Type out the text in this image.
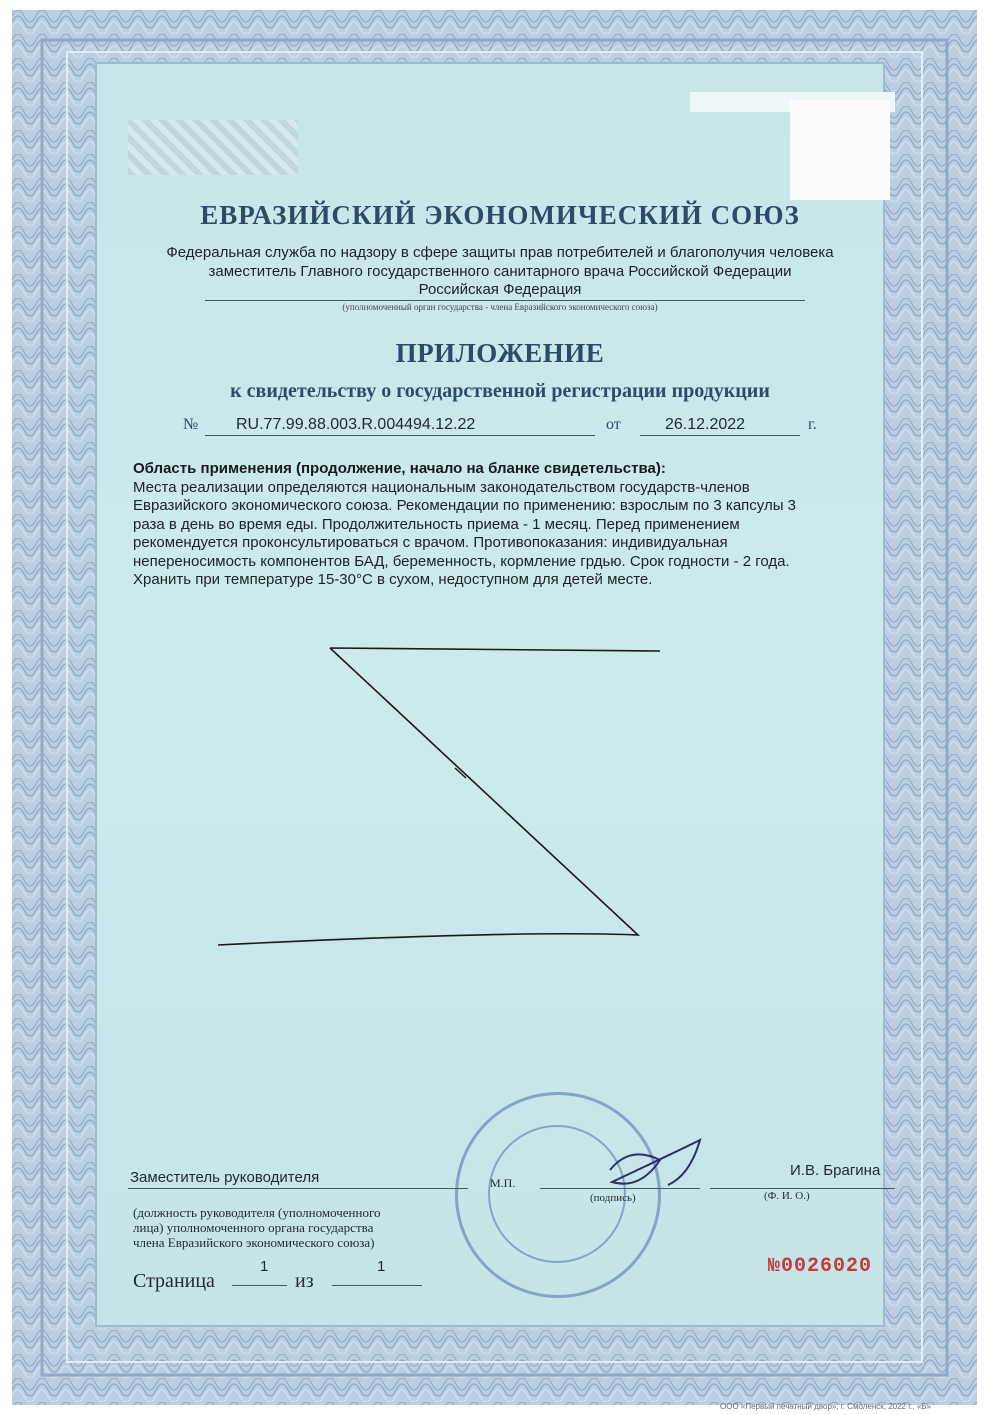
ЕВРАЗИЙСКИЙ ЭКОНОМИЧЕСКИЙ СОЮЗ
Федеральная служба по надзору в сфере защиты прав потребителей и благополучия человека
заместитель Главного государственного санитарного врача Российской Федерации
Российская Федерация
(уполномоченный орган государства - члена Евразийского экономического союза)
ПРИЛОЖЕНИЕ
к свидетельству о государственной регистрации продукции
№ RU.77.99.88.003.R.004494.12.22	от	26.12.2022	г.
Область применения (продолжение, начало на бланке свидетельства):
Места реализации определяются национальным законодательством государств-членов
Евразийского экономического союза. Рекомендации по применению: взрослым по 3 капсулы 3
раза в день во время еды. Продолжительность приема - 1 месяц. Перед применением
рекомендуется проконсультироваться с врачом. Противопоказания: индивидуальная
непереносимость компонентов БАД, беременность, кормление грдью. Срок годности - 2 года.
Хранить при температуре 15-30°С в сухом, недоступном для детей месте.
Заместитель руководителя	М.П.
(подпись)
И.В. Брагина
(Ф. И. О.)
(должность руководителя (уполномоченного
лица) уполномоченного органа государства
члена Евразийского экономического союза)
Страница
1
из
1	№0026020
ООО «Первый печатный двор», г. Смоленск, 2022 г., «Б»
